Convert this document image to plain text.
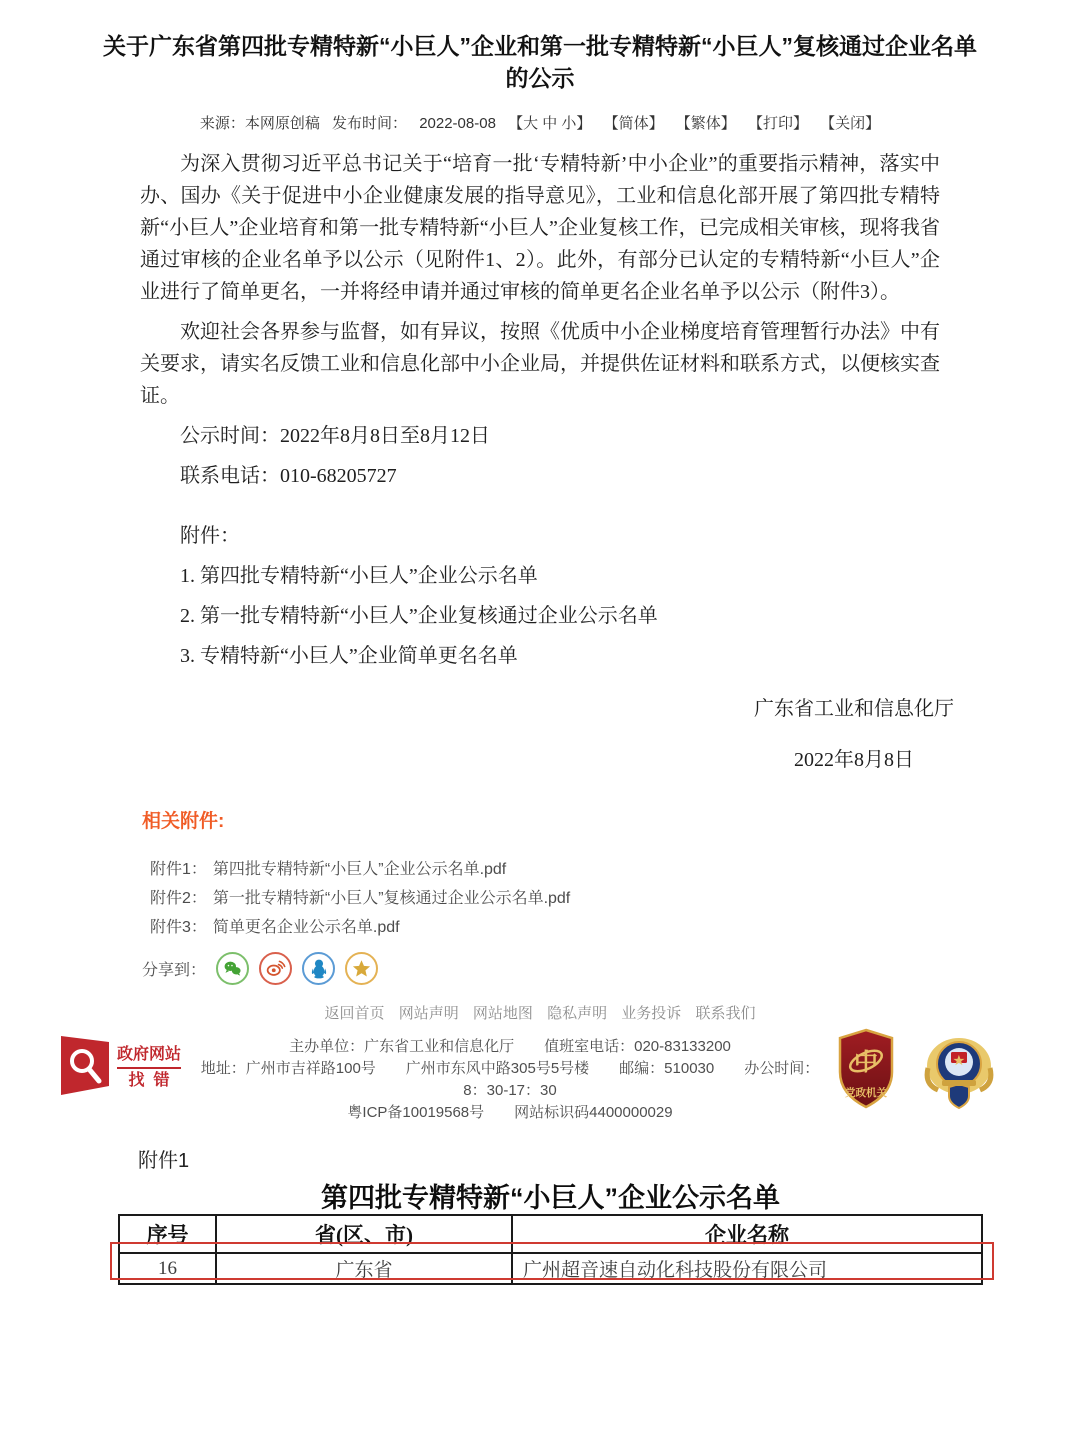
关于广东省第四批专精特新“小巨人”企业和第一批专精特新“小巨人”复核通过企业名单的公示
来源：本网原创稿 发布时间： 2022-08-08 【大 中 小】 【简体】 【繁体】 【打印】 【关闭】

为深入贯彻习近平总书记关于“培育一批‘专精特新’中小企业”的重要指示精神，落实中办、国办《关于促进中小企业健康发展的指导意见》，工业和信息化部开展了第四批专精特新“小巨人”企业培育和第一批专精特新“小巨人”企业复核工作，已完成相关审核，现将我省通过审核的企业名单予以公示（见附件1、2）。此外，有部分已认定的专精特新“小巨人”企业进行了简单更名，一并将经申请并通过审核的简单更名企业名单予以公示（附件3）。

欢迎社会各界参与监督，如有异议，按照《优质中小企业梯度培育管理暂行办法》中有关要求，请实名反馈工业和信息化部中小企业局，并提供佐证材料和联系方式，以便核实查证。

公示时间：2022年8月8日至8月12日

联系电话：010-68205727

附件：

1. 第四批专精特新“小巨人”企业公示名单

2. 第一批专精特新“小巨人”企业复核通过企业公示名单

3. 专精特新“小巨人”企业简单更名名单

广东省工业和信息化厅
2022年8月8日
相关附件:
附件1： 第四批专精特新“小巨人”企业公示名单.pdf
附件2： 第一批专精特新“小巨人”复核通过企业公示名单.pdf
附件3： 简单更名企业公示名单.pdf
分享到：
返回首页 网站声明 网站地图 隐私声明 业务投诉 联系我们
主办单位：广东省工业和信息化厅　　值班室电话：020-83133200
地址：广州市吉祥路100号　　广州市东风中路305号5号楼　　邮编：510030　　办公时间：8：30-17：30
粤ICP备10019568号　　网站标识码4400000029
政府网站
找错
中
党政机关
附件1
第四批专精特新“小巨人”企业公示名单
序号	省(区、市)	企业名称
16	广东省	广州超音速自动化科技股份有限公司
